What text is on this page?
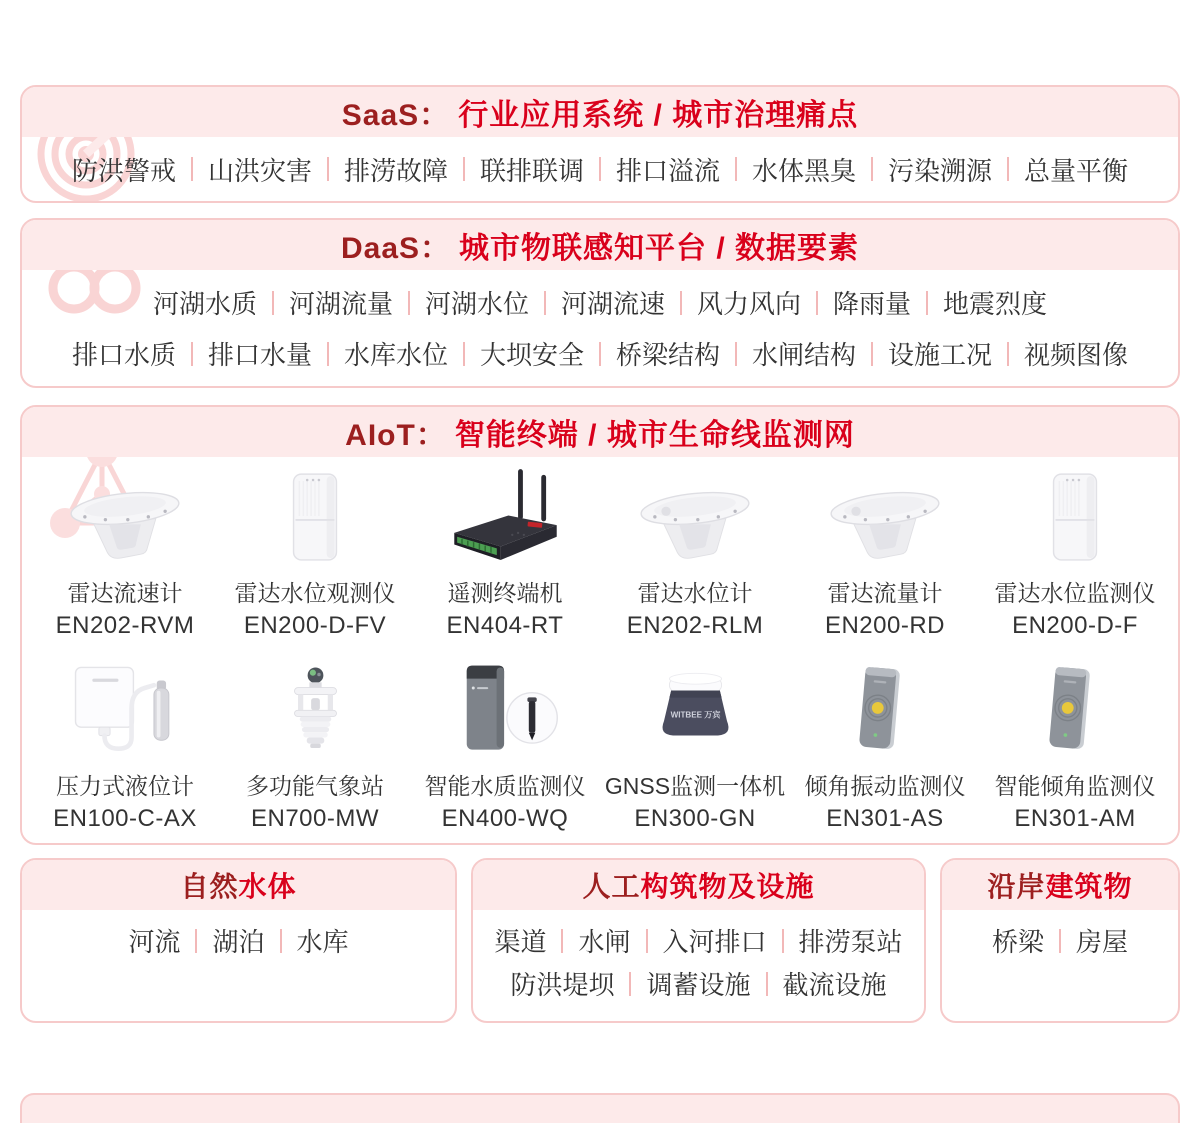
SaaS： 行业应用系统 / 城市治理痛点
防洪警戒 山洪灾害 排涝故障 联排联调 排口溢流 水体黑臭 污染溯源 总量平衡
DaaS： 城市物联感知平台 / 数据要素
河湖水质 河湖流量 河湖水位 河湖流速 风力风向 降雨量 地震烈度
排口水质 排口水量 水库水位 大坝安全 桥梁结构 水闸结构 设施工况 视频图像
AIoT： 智能终端 / 城市生命线监测网
雷达流速计
EN202-RVM
雷达水位观测仪
EN200-D-FV
遥测终端机
EN404-RT
雷达水位计
EN202-RLM
雷达流量计
EN200-RD
雷达水位监测仪
EN200-D-F
压力式液位计
EN100-C-AX
多功能气象站
EN700-MW
智能水质监测仪
EN400-WQ
WITBEE 万宾
GNSS监测一体机
EN300-GN
倾角振动监测仪
EN301-AS
智能倾角监测仪
EN301-AM
自然 水体
河流 湖泊 水库
人工 构筑物及设施
渠道 水闸 入河排口 排涝泵站
防洪堤坝 调蓄设施 截流设施
沿岸 建筑物
桥梁 房屋
